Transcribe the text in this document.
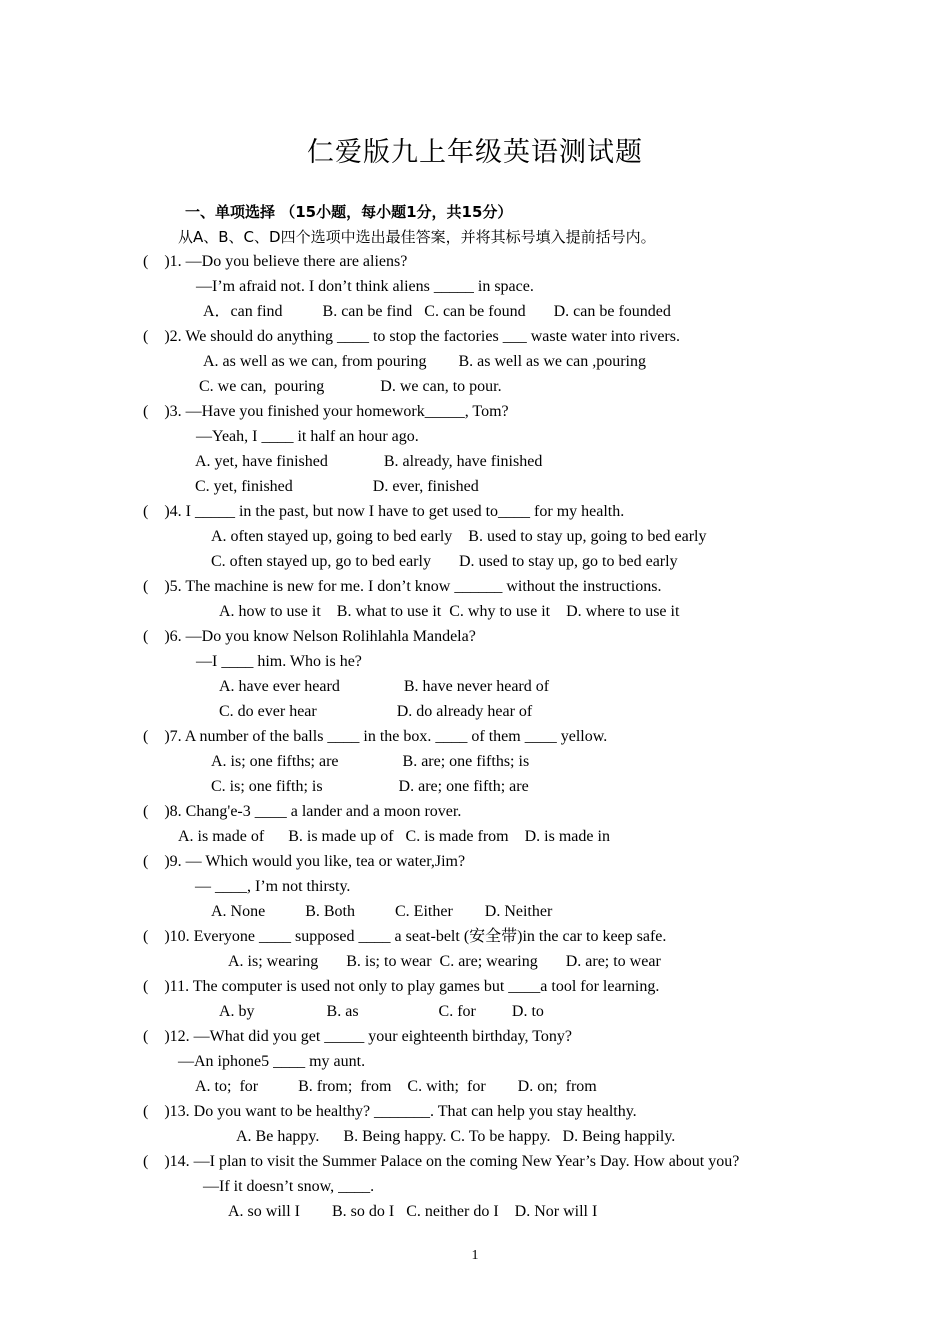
仁爱版九上年级英语测试题
一、单项选择 （15小题，每小题1分，共15分）
从A、B、C、D四个选项中选出最佳答案，并将其标号填入提前括号内。
(    )1. —Do you believe there are aliens?
—I’m afraid not. I don’t think aliens _____ in space.
A．can find          B. can be find   C. can be found       D. can be founded
(    )2. We should do anything ____ to stop the factories ___ waste water into rivers.
A. as well as we can, from pouring        B. as well as we can ,pouring
C. we can,  pouring              D. we can, to pour.
(    )3. —Have you finished your homework_____, Tom?
—Yeah, I ____ it half an hour ago.
A. yet, have finished              B. already, have finished
C. yet, finished                    D. ever, finished
(    )4. I _____ in the past, but now I have to get used to____ for my health.
A. often stayed up, going to bed early    B. used to stay up, going to bed early
C. often stayed up, go to bed early       D. used to stay up, go to bed early
(    )5. The machine is new for me. I don’t know ______ without the instructions.
A. how to use it    B. what to use it  C. why to use it    D. where to use it
(    )6. —Do you know Nelson Rolihlahla Mandela?
—I ____ him. Who is he?
A. have ever heard                B. have never heard of
C. do ever hear                    D. do already hear of
(    )7. A number of the balls ____ in the box. ____ of them ____ yellow.
A. is; one fifths; are                B. are; one fifths; is
C. is; one fifth; is                   D. are; one fifth; are
(    )8. Chang'e-3 ____ a lander and a moon rover.
A. is made of      B. is made up of   C. is made from    D. is made in
(    )9. — Which would you like, tea or water,Jim?
— ____, I’m not thirsty.
A. None          B. Both          C. Either        D. Neither
(    )10. Everyone ____ supposed ____ a seat-belt (安全带)in the car to keep safe.
A. is; wearing       B. is; to wear  C. are; wearing       D. are; to wear
(    )11. The computer is used not only to play games but ____a tool for learning.
A. by                  B. as                    C. for         D. to
(    )12. —What did you get _____ your eighteenth birthday, Tony?
—An iphone5 ____ my aunt.
A. to;  for          B. from;  from    C. with;  for        D. on;  from
(    )13. Do you want to be healthy? _______. That can help you stay healthy.
A. Be happy.      B. Being happy. C. To be happy.   D. Being happily.
(    )14. —I plan to visit the Summer Palace on the coming New Year’s Day. How about you?
—If it doesn’t snow, ____.
A. so will I        B. so do I   C. neither do I    D. Nor will I
1
